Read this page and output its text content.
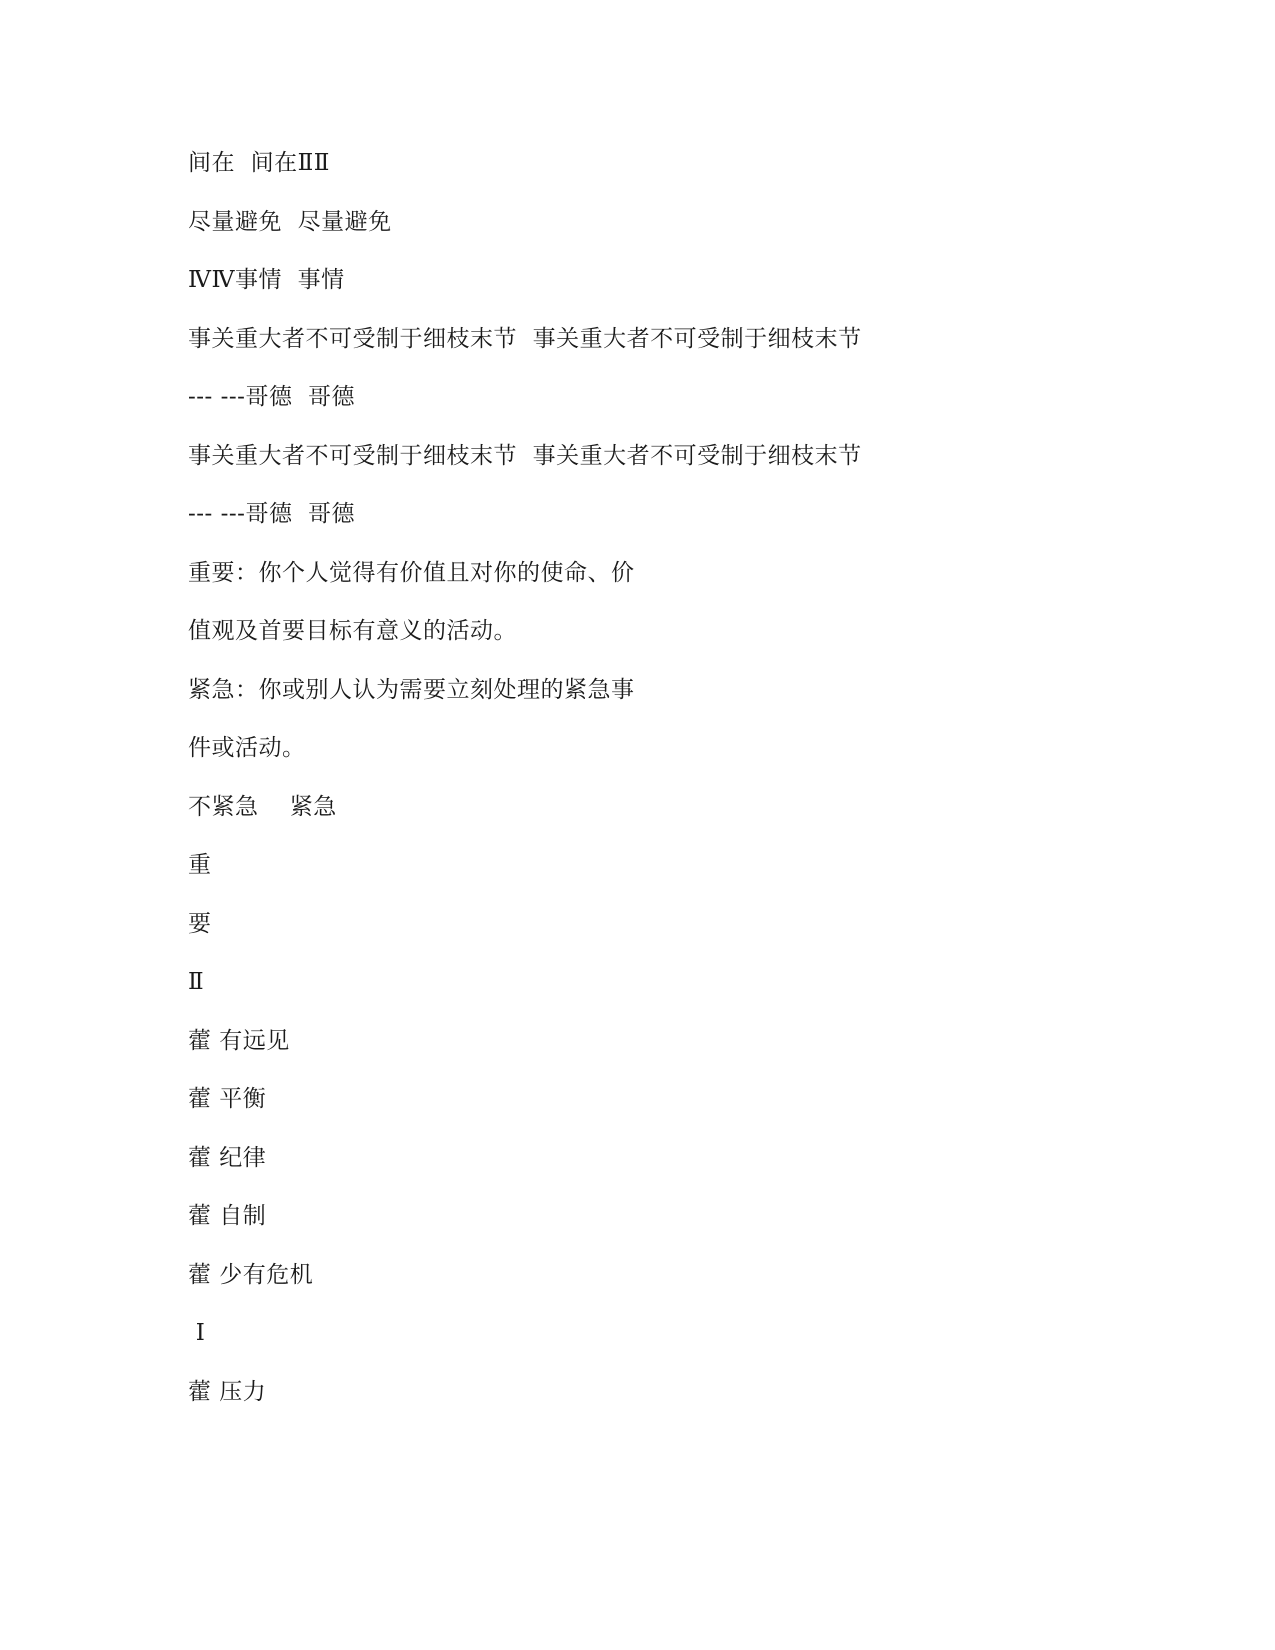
间在  间在ⅡⅡ
尽量避免  尽量避免
ⅣⅣ事情  事情
事关重大者不可受制于细枝末节  事关重大者不可受制于细枝末节
--- ---哥德  哥德
事关重大者不可受制于细枝末节  事关重大者不可受制于细枝末节
--- ---哥德  哥德
重要：你个人觉得有价值且对你的使命、价
值观及首要目标有意义的活动。
紧急：你或别人认为需要立刻处理的紧急事
件或活动。
不紧急    紧急
重
要
Ⅱ
藿 有远见
藿 平衡
藿 纪律
藿 自制
藿 少有危机
Ⅰ
藿 压力
